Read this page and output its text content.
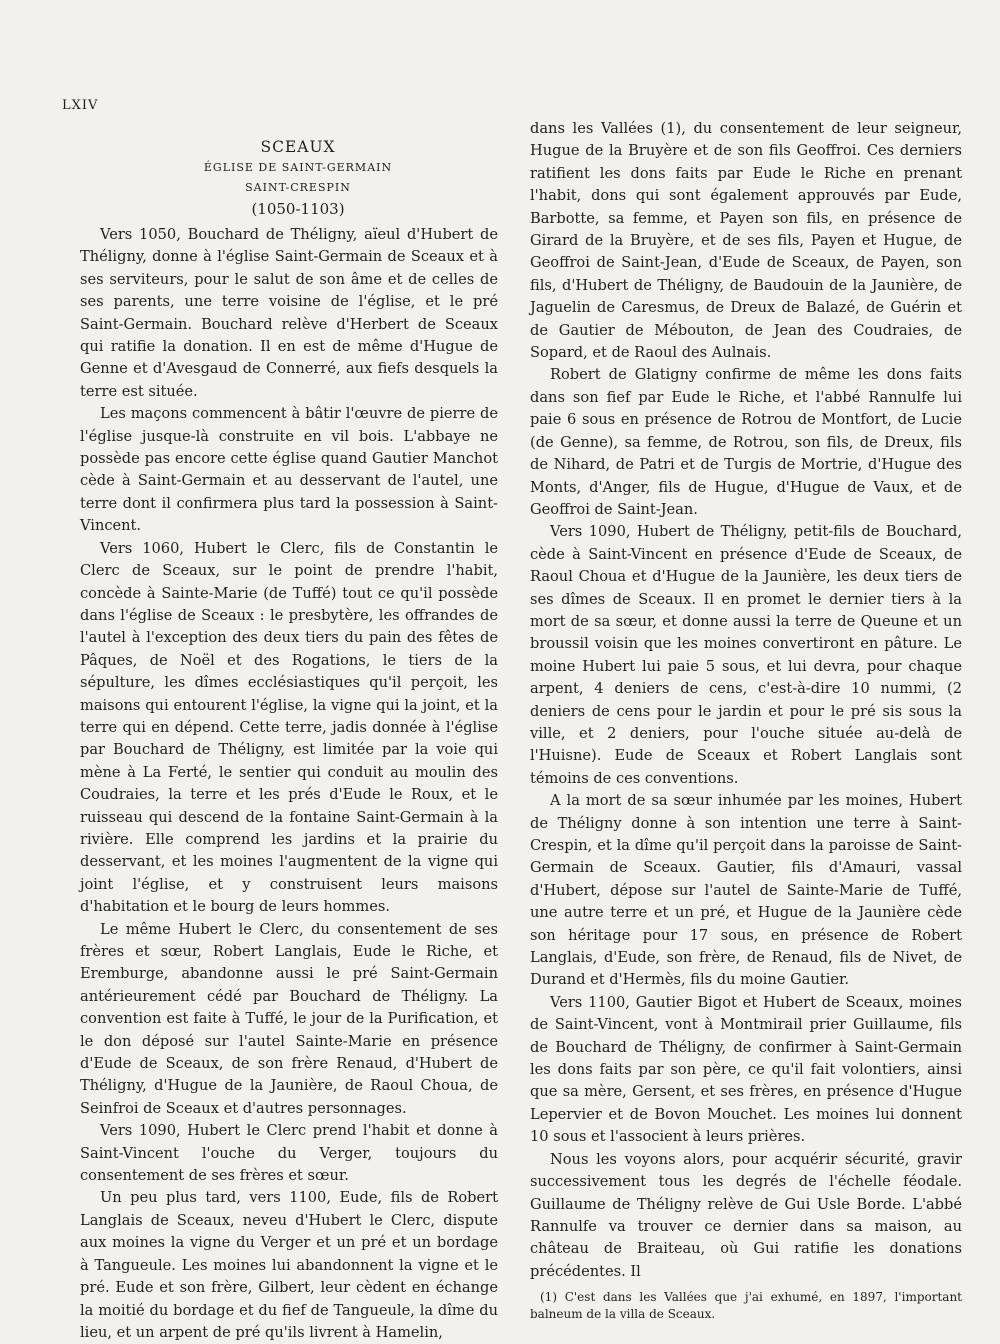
LXIV
SCEAUX
ÉGLISE DE SAINT-GERMAIN
SAINT-CRESPIN
(1050-1103)

Vers 1050, Bouchard de Théligny, aïeul d'Hubert de Théligny, donne à l'église Saint-Germain de Sceaux et à ses serviteurs, pour le salut de son âme et de celles de ses parents, une terre voisine de l'église, et le pré Saint-Germain. Bouchard relève d'Herbert de Sceaux qui ratifie la donation. Il en est de même d'Hugue de Genne et d'Avesgaud de Connerré, aux fiefs desquels la terre est située.

Les maçons commencent à bâtir l'œuvre de pierre de l'église jusque-là construite en vil bois. L'abbaye ne possède pas encore cette église quand Gautier Manchot cède à Saint-Germain et au desservant de l'autel, une terre dont il confirmera plus tard la possession à Saint-Vincent.

Vers 1060, Hubert le Clerc, fils de Constantin le Clerc de Sceaux, sur le point de prendre l'habit, concède à Sainte-Marie (de Tuffé) tout ce qu'il possède dans l'église de Sceaux : le presbytère, les offrandes de l'autel à l'exception des deux tiers du pain des fêtes de Pâques, de Noël et des Rogations, le tiers de la sépulture, les dîmes ecclésiastiques qu'il perçoit, les maisons qui entourent l'église, la vigne qui la joint, et la terre qui en dépend. Cette terre, jadis donnée à l'église par Bouchard de Théligny, est limitée par la voie qui mène à La Ferté, le sentier qui conduit au moulin des Coudraies, la terre et les prés d'Eude le Roux, et le ruisseau qui descend de la fontaine Saint-Germain à la rivière. Elle comprend les jardins et la prairie du desservant, et les moines l'augmentent de la vigne qui joint l'église, et y construisent leurs maisons d'habitation et le bourg de leurs hommes.

Le même Hubert le Clerc, du consentement de ses frères et sœur, Robert Langlais, Eude le Riche, et Eremburge, abandonne aussi le pré Saint-Germain antérieurement cédé par Bouchard de Théligny. La convention est faite à Tuffé, le jour de la Purification, et le don déposé sur l'autel Sainte-Marie en présence d'Eude de Sceaux, de son frère Renaud, d'Hubert de Théligny, d'Hugue de la Jaunière, de Raoul Choua, de Seinfroi de Sceaux et d'autres personnages.

Vers 1090, Hubert le Clerc prend l'habit et donne à Saint-Vincent l'ouche du Verger, toujours du consentement de ses frères et sœur.

Un peu plus tard, vers 1100, Eude, fils de Robert Langlais de Sceaux, neveu d'Hubert le Clerc, dispute aux moines la vigne du Verger et un pré et un bordage à Tangueule. Les moines lui abandonnent la vigne et le pré. Eude et son frère, Gilbert, leur cèdent en échange la moitié du bordage et du fief de Tangueule, la dîme du lieu, et un arpent de pré qu'ils livrent à Hamelin,

dans les Vallées (1), du consentement de leur seigneur, Hugue de la Bruyère et de son fils Geoffroi. Ces derniers ratifient les dons faits par Eude le Riche en prenant l'habit, dons qui sont également approuvés par Eude, Barbotte, sa femme, et Payen son fils, en présence de Girard de la Bruyère, et de ses fils, Payen et Hugue, de Geoffroi de Saint-Jean, d'Eude de Sceaux, de Payen, son fils, d'Hubert de Théligny, de Baudouin de la Jaunière, de Jaguelin de Caresmus, de Dreux de Balazé, de Guérin et de Gautier de Mébouton, de Jean des Coudraies, de Sopard, et de Raoul des Aulnais.

Robert de Glatigny confirme de même les dons faits dans son fief par Eude le Riche, et l'abbé Rannulfe lui paie 6 sous en présence de Rotrou de Montfort, de Lucie (de Genne), sa femme, de Rotrou, son fils, de Dreux, fils de Nihard, de Patri et de Turgis de Mortrie, d'Hugue des Monts, d'Anger, fils de Hugue, d'Hugue de Vaux, et de Geoffroi de Saint-Jean.

Vers 1090, Hubert de Théligny, petit-fils de Bouchard, cède à Saint-Vincent en présence d'Eude de Sceaux, de Raoul Choua et d'Hugue de la Jaunière, les deux tiers de ses dîmes de Sceaux. Il en promet le dernier tiers à la mort de sa sœur, et donne aussi la terre de Queune et un broussil voisin que les moines convertiront en pâture. Le moine Hubert lui paie 5 sous, et lui devra, pour chaque arpent, 4 deniers de cens, c'est-à-dire 10 nummi, (2 deniers de cens pour le jardin et pour le pré sis sous la ville, et 2 deniers, pour l'ouche située au-delà de l'Huisne). Eude de Sceaux et Robert Langlais sont témoins de ces conventions.

A la mort de sa sœur inhumée par les moines, Hubert de Théligny donne à son intention une terre à Saint-Crespin, et la dîme qu'il perçoit dans la paroisse de Saint-Germain de Sceaux. Gautier, fils d'Amauri, vassal d'Hubert, dépose sur l'autel de Sainte-Marie de Tuffé, une autre terre et un pré, et Hugue de la Jaunière cède son héritage pour 17 sous, en présence de Robert Langlais, d'Eude, son frère, de Renaud, fils de Nivet, de Durand et d'Hermès, fils du moine Gautier.

Vers 1100, Gautier Bigot et Hubert de Sceaux, moines de Saint-Vincent, vont à Montmirail prier Guillaume, fils de Bouchard de Théligny, de confirmer à Saint-Germain les dons faits par son père, ce qu'il fait volontiers, ainsi que sa mère, Gersent, et ses frères, en présence d'Hugue Lepervier et de Bovon Mouchet. Les moines lui donnent 10 sous et l'associent à leurs prières.

Nous les voyons alors, pour acquérir sécurité, gravir successivement tous les degrés de l'échelle féodale. Guillaume de Théligny relève de Gui Usle Borde. L'abbé Rannulfe va trouver ce dernier dans sa maison, au château de Braiteau, où Gui ratifie les donations précédentes. Il

(1) C'est dans les Vallées que j'ai exhumé, en 1897, l'important balneum de la villa de Sceaux.
